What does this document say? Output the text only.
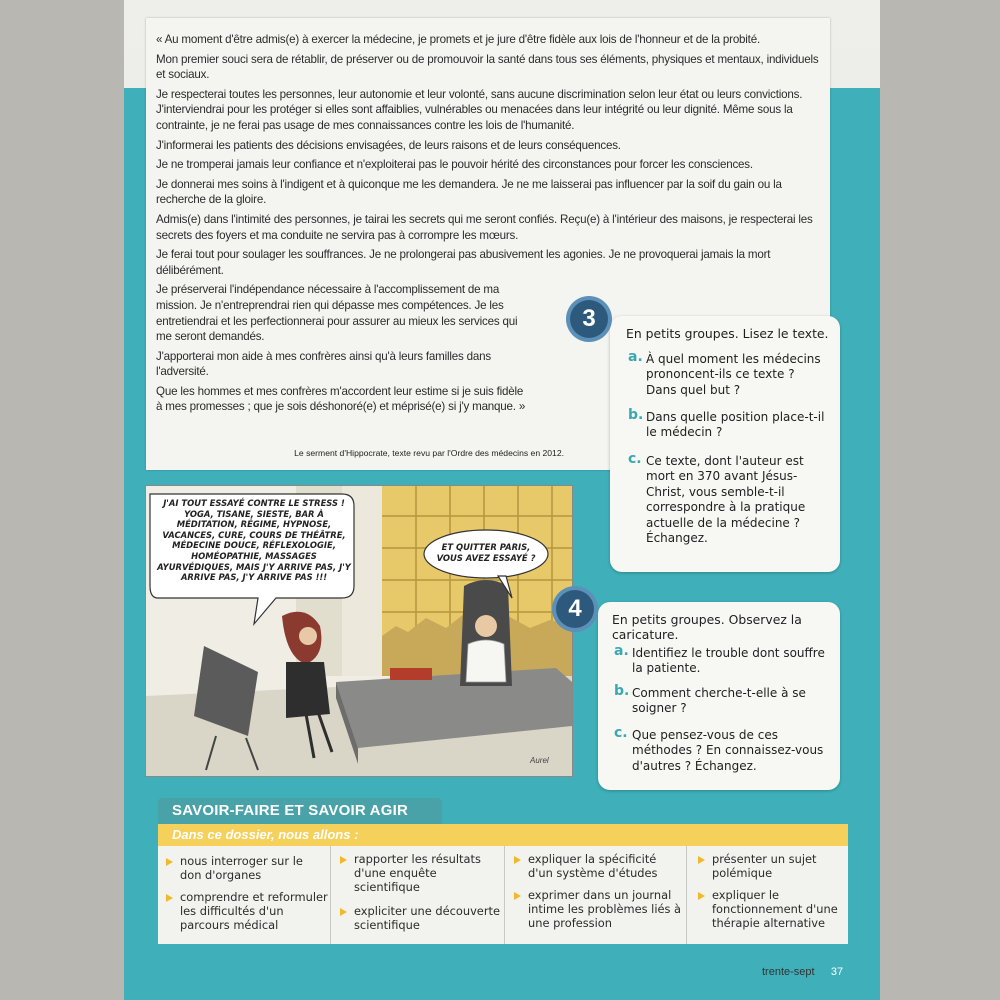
« Au moment d'être admis(e) à exercer la médecine, je promets et je jure d'être fidèle aux lois de l'honneur et de la probité.

Mon premier souci sera de rétablir, de préserver ou de promouvoir la santé dans tous ses éléments, physiques et mentaux, individuels et sociaux.

Je respecterai toutes les personnes, leur autonomie et leur volonté, sans aucune discrimination selon leur état ou leurs convictions. J'interviendrai pour les protéger si elles sont affaiblies, vulnérables ou menacées dans leur intégrité ou leur dignité. Même sous la contrainte, je ne ferai pas usage de mes connaissances contre les lois de l'humanité.

J'informerai les patients des décisions envisagées, de leurs raisons et de leurs conséquences.

Je ne tromperai jamais leur confiance et n'exploiterai pas le pouvoir hérité des circonstances pour forcer les consciences.

Je donnerai mes soins à l'indigent et à quiconque me les demandera. Je ne me laisserai pas influencer par la soif du gain ou la recherche de la gloire.

Admis(e) dans l'intimité des personnes, je tairai les secrets qui me seront confiés. Reçu(e) à l'intérieur des maisons, je respecterai les secrets des foyers et ma conduite ne servira pas à corrompre les mœurs.

Je ferai tout pour soulager les souffrances. Je ne prolongerai pas abusivement les agonies. Je ne provoquerai jamais la mort délibérément.

Je préserverai l'indépendance nécessaire à l'accomplissement de ma mission. Je n'entreprendrai rien qui dépasse mes compétences. Je les entretiendrai et les perfectionnerai pour assurer au mieux les services qui me seront demandés.

J'apporterai mon aide à mes confrères ainsi qu'à leurs familles dans l'adversité.

Que les hommes et mes confrères m'accordent leur estime si je suis fidèle à mes promesses ; que je sois déshonoré(e) et méprisé(e) si j'y manque. »

Le serment d'Hippocrate, texte revu par l'Ordre des médecins en 2012.
En petits groupes. Lisez le texte.
a. À quel moment les médecins prononcent-ils ce texte ? Dans quel but ?
b. Dans quelle position place-t-il le médecin ?
c. Ce texte, dont l'auteur est mort en 370 avant Jésus-Christ, vous semble-t-il correspondre à la pratique actuelle de la médecine ? Échangez.
3
J'AI TOUT ESSAYÉ CONTRE LE STRESS ! YOGA, TISANE, SIESTE, BAR À MÉDITATION, RÉGIME, HYPNOSE, VACANCES, CURE, COURS DE THÉÂTRE, MÉDECINE DOUCE, RÉFLEXOLOGIE, HOMÉOPATHIE, MASSAGES AYURVÉDIQUES, MAIS J'Y ARRIVE PAS, J'Y ARRIVE PAS, J'Y ARRIVE PAS !!!
ET QUITTER PARIS, VOUS AVEZ ESSAYÉ ?
Aurel
En petits groupes. Observez la caricature.
a. Identifiez le trouble dont souffre la patiente.
b. Comment cherche-t-elle à se soigner ?
c. Que pensez-vous de ces méthodes ? En connaissez-vous d'autres ? Échangez.
4
SAVOIR-FAIRE ET SAVOIR AGIR
Dans ce dossier, nous allons :
nous interroger sur le don d'organes
comprendre et reformuler les difficultés d'un parcours médical
rapporter les résultats d'une enquête scientifique
expliciter une découverte scientifique
expliquer la spécificité d'un système d'études
exprimer dans un journal intime les problèmes liés à une profession
présenter un sujet polémique
expliquer le fonctionnement d'une thérapie alternative
trente-sept	37
